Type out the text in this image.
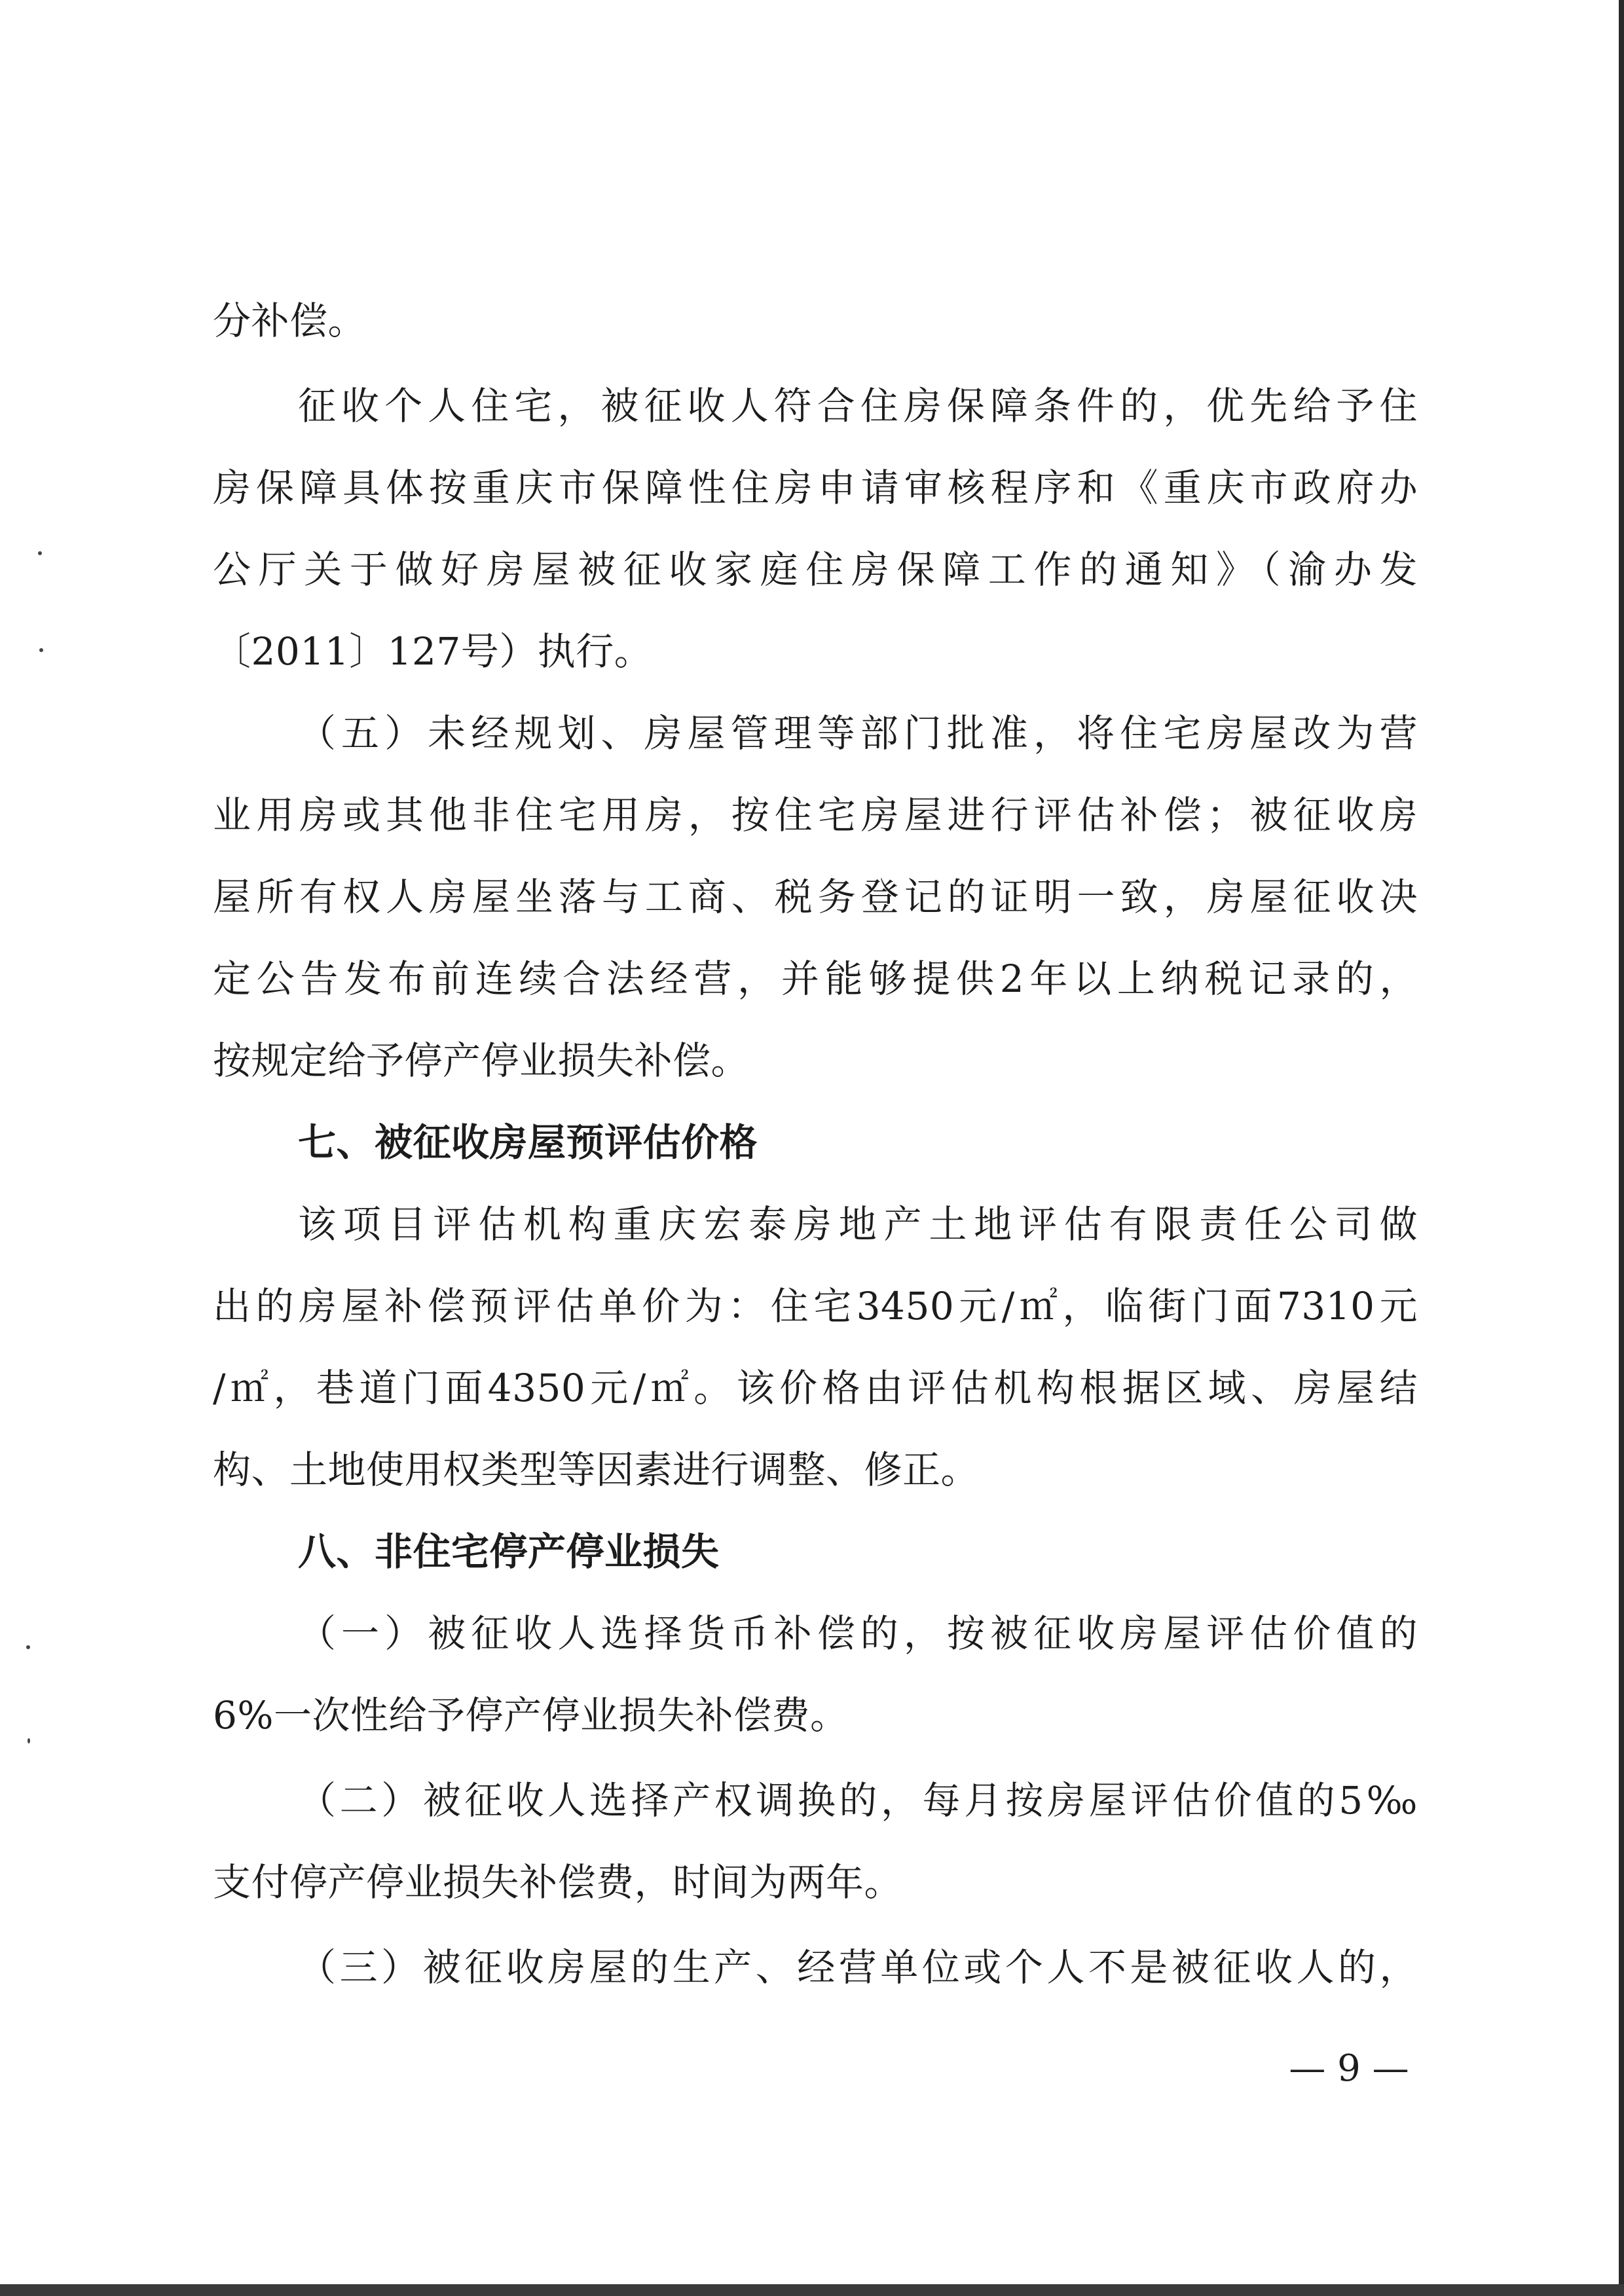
分补偿。
征收个人住宅，被征收人符合住房保障条件的，优先给予住
房保障具体按重庆市保障性住房申请审核程序和《重庆市政府办
公厅关于做好房屋被征收家庭住房保障工作的通知》（渝办发
〔2011〕127号）执行。
（五）未经规划、房屋管理等部门批准，将住宅房屋改为营
业用房或其他非住宅用房，按住宅房屋进行评估补偿；被征收房
屋所有权人房屋坐落与工商、税务登记的证明一致，房屋征收决
定公告发布前连续合法经营，并能够提供2年以上纳税记录的，
按规定给予停产停业损失补偿。
七、被征收房屋预评估价格
该项目评估机构重庆宏泰房地产土地评估有限责任公司做
出的房屋补偿预评估单价为：住宅3450元/㎡，临街门面7310元
/㎡，巷道门面4350元/㎡。该价格由评估机构根据区域、房屋结
构、土地使用权类型等因素进行调整、修正。
八、非住宅停产停业损失
（一）被征收人选择货币补偿的，按被征收房屋评估价值的
6%一次性给予停产停业损失补偿费。
（二）被征收人选择产权调换的，每月按房屋评估价值的5‰
支付停产停业损失补偿费，时间为两年。
（三）被征收房屋的生产、经营单位或个人不是被征收人的，
— 9 —
